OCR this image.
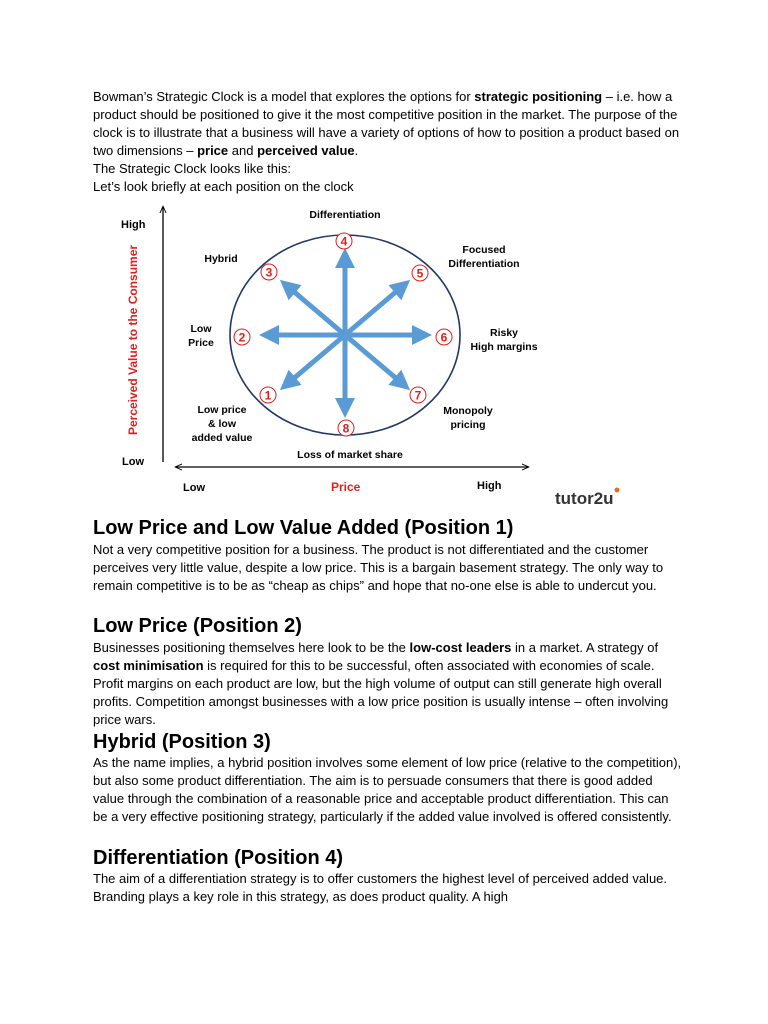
Bowman’s Strategic Clock is a model that explores the options for strategic positioning – i.e. how a product should be positioned to give it the most competitive position in the market. The purpose of the clock is to illustrate that a business will have a variety of options of how to position a product based on two dimensions – price and perceived value.
The Strategic Clock looks like this:
Let’s look briefly at each position on the clock

High
Low
Low	High
Price
Perceived Value to the Consumer	1
2
3
4
5
6
7
8
Differentiation
Hybrid
Focused
Differentiation
Low
Price
Risky
High margins
Low price
& low
added value
Monopoly
pricing
Loss of market share
tutor2u
Low Price and Low Value Added (Position 1)

Not a very competitive position for a business. The product is not differentiated and the customer perceives very little value, despite a low price. This is a bargain basement strategy. The only way to remain competitive is to be as “cheap as chips” and hope that no-one else is able to undercut you.

Low Price (Position 2)

Businesses positioning themselves here look to be the low-cost leaders in a market. A strategy of cost minimisation is required for this to be successful, often associated with economies of scale. Profit margins on each product are low, but the high volume of output can still generate high overall profits. Competition amongst businesses with a low price position is usually intense – often involving price wars.

Hybrid (Position 3)

As the name implies, a hybrid position involves some element of low price (relative to the competition), but also some product differentiation. The aim is to persuade consumers that there is good added value through the combination of a reasonable price and acceptable product differentiation. This can be a very effective positioning strategy, particularly if the added value involved is offered consistently.

Differentiation (Position 4)

The aim of a differentiation strategy is to offer customers the highest level of perceived added value. Branding plays a key role in this strategy, as does product quality. A high
